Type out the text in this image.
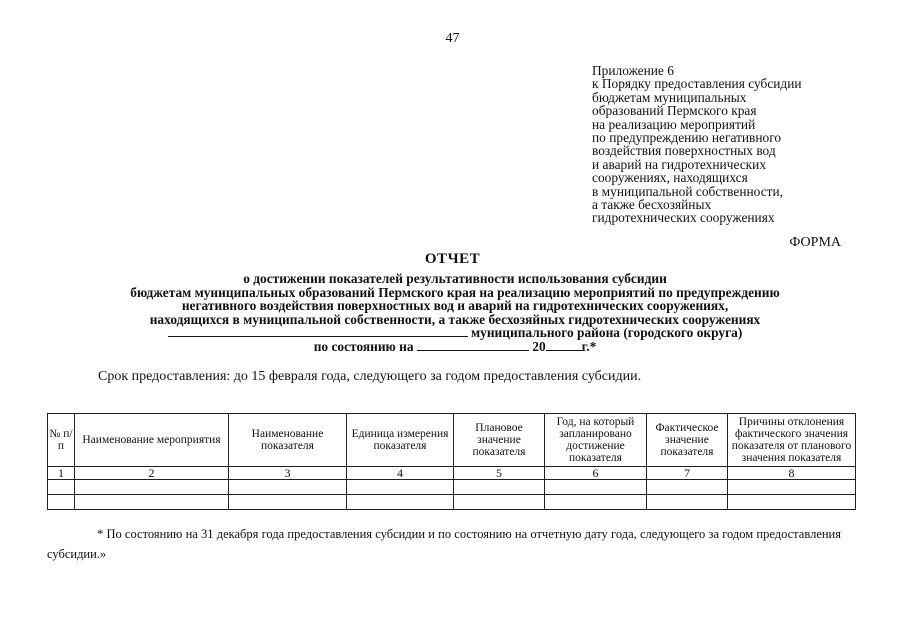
47
Приложение 6
к Порядку предоставления субсидии
бюджетам муниципальных
образований Пермского края
на реализацию мероприятий
по предупреждению негативного
воздействия поверхностных вод
и аварий на гидротехнических
сооружениях, находящихся
в муниципальной собственности,
а также бесхозяйных
гидротехнических сооружениях
ФОРМА
ОТЧЕТ
о достижении показателей результативности использования субсидии
бюджетам муниципальных образований Пермского края на реализацию мероприятий по предупреждению
негативного воздействия поверхностных вод и аварий на гидротехнических сооружениях,
находящихся в муниципальной собственности, а также бесхозяйных гидротехнических сооружениях
муниципального района (городского округа)
по состоянию на	20	г.*
Срок предоставления: до 15 февраля года, следующего за годом предоставления субсидии.
№ п/п	Наименование мероприятия	Наименование показателя	Единица измерения показателя	Плановое значение показателя	Год, на который запланировано достижение показателя	Фактическое значение показателя	Причины отклонения фактического значения показателя от планового значения показателя
1	2	3	4	5	6	7	8

* По состоянию на 31 декабря года предоставления субсидии и по состоянию на отчетную дату года, следующего за годом предоставления субсидии.»
